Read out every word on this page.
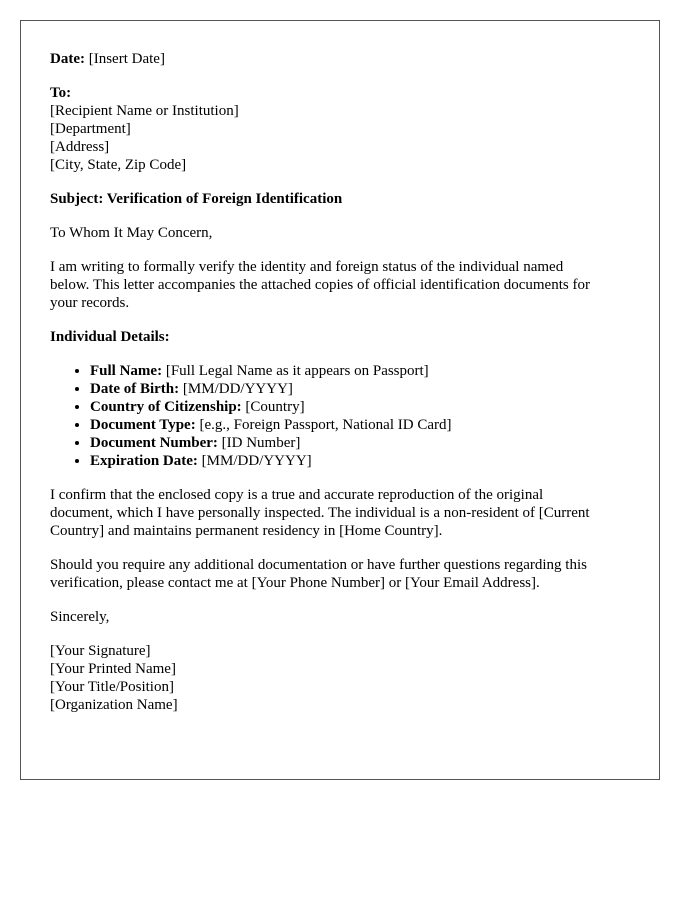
Date: [Insert Date]

To:
[Recipient Name or Institution]
[Department]
[Address]
[City, State, Zip Code]

Subject: Verification of Foreign Identification

To Whom It May Concern,

I am writing to formally verify the identity and foreign status of the individual named
below. This letter accompanies the attached copies of official identification documents for
your records.

Individual Details:

• Full Name: [Full Legal Name as it appears on Passport]
• Date of Birth: [MM/DD/YYYY]
• Country of Citizenship: [Country]
• Document Type: [e.g., Foreign Passport, National ID Card]
• Document Number: [ID Number]
• Expiration Date: [MM/DD/YYYY]
I confirm that the enclosed copy is a true and accurate reproduction of the original
document, which I have personally inspected. The individual is a non-resident of [Current
Country] and maintains permanent residency in [Home Country].
Should you require any additional documentation or have further questions regarding this
verification, please contact me at [Your Phone Number] or [Your Email Address].

Sincerely,

[Your Signature]
[Your Printed Name]
[Your Title/Position]
[Organization Name]
